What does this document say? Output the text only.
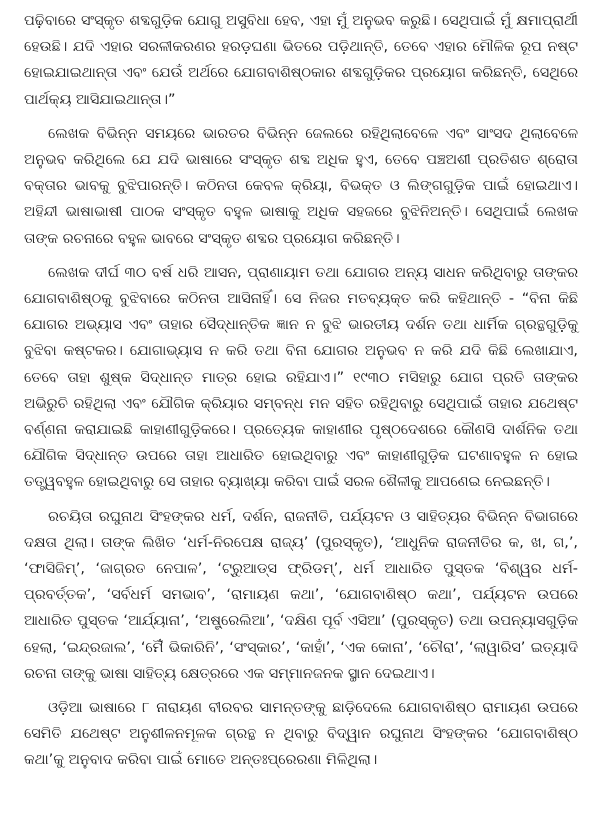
ପଢ଼ିବାରେ ସଂସ୍କୃତ ଶବ୍ଦଗୁଡ଼ିକ ଯୋଗୁ ଅସୁବିଧା ହେବ, ଏହା ମୁଁ ଅନୁଭବ କରୁଛି। ସେଥିପାଇଁ ମୁଁ କ୍ଷମାପ୍ରାର୍ଥୀ ହେଉଛି। ଯଦି ଏହାର ସରଳୀକରଣର ହରଡ଼ଘଣା ଭିତରେ ପଡ଼ିଥାନ୍ତି, ତେବେ ଏହାର ମୌଳିକ ରୂପ ନଷ୍ଟ ହୋଇଯାଇଥାନ୍ତା ଏବଂ ଯେଉଁ ଅର୍ଥରେ ଯୋଗବାଶିଷ୍ଠକାର ଶବ୍ଦଗୁଡ଼ିକର ପ୍ରୟୋଗ କରିଛନ୍ତି, ସେଥିରେ ପାର୍ଥକ୍ୟ ଆସିଯାଇଥାନ୍ତା।”

ଲେଖକ ବିଭିନ୍ନ ସମୟରେ ଭାରତର ବିଭିନ୍ନ ଜେଲରେ ରହିଥିଲାବେଳେ ଏବଂ ସାଂସଦ ଥିଲାବେଳେ ଅନୁଭବ କରିଥିଲେ ଯେ ଯଦି ଭାଷାରେ ସଂସ୍କୃତ ଶବ୍ଦ ଅଧିକ ହୁଏ, ତେବେ ପଞ୍ଚଅଶୀ ପ୍ରତିଶତ ଶ୍ରୋତା ବକ୍ତାର ଭାବକୁ ବୁଝିପାରନ୍ତି। କଠିନତା କେବଳ କ୍ରିୟା, ବିଭକ୍ତ ଓ ଲିଙ୍ଗଗୁଡ଼ିକ ପାଇଁ ହୋଇଥାଏ। ଅହିନ୍ଦୀ ଭାଷାଭାଷୀ ପାଠକ ସଂସ୍କୃତ ବହୁଳ ଭାଷାକୁ ଅଧିକ ସହଜରେ ବୁଝିନିଅନ୍ତି। ସେଥିପାଇଁ ଲେଖକ ତାଙ୍କ ରଚନାରେ ବହୁଳ ଭାବରେ ସଂସ୍କୃତ ଶବ୍ଦର ପ୍ରୟୋଗ କରିଛନ୍ତି।

ଲେଖକ ଦୀର୍ଘ ୩୦ ବର୍ଷ ଧରି ଆସନ, ପ୍ରାଣାୟାମ ତଥା ଯୋଗର ଅନ୍ୟ ସାଧନ କରିଥିବାରୁ ତାଙ୍କର ଯୋଗବାଶିଷ୍ଠକୁ ବୁଝିବାରେ କଠିନତା ଆସିନାହିଁ। ସେ ନିଜର ମତବ୍ୟକ୍ତ କରି କହିଥାନ୍ତି - “ବିନା କିଛି ଯୋଗର ଅଭ୍ୟାସ ଏବଂ ତାହାର ସୈଦ୍ଧାନ୍ତିକ ଜ୍ଞାନ ନ ବୁଝି ଭାରତୀୟ ଦର୍ଶନ ତଥା ଧାର୍ମିକ ଗ୍ରନ୍ଥଗୁଡ଼ିକୁ ବୁଝିବା କଷ୍ଟକର। ଯୋଗାଭ୍ୟାସ ନ କରି ତଥା ବିନା ଯୋଗର ଅନୁଭବ ନ କରି ଯଦି କିଛି ଲେଖାଯାଏ, ତେବେ ତାହା ଶୁଷ୍କ ସିଦ୍ଧାନ୍ତ ମାତ୍ର ହୋଇ ରହିଯାଏ।” ୧୯୩୦ ମସିହାରୁ ଯୋଗ ପ୍ରତି ତାଙ୍କର ଅଭିରୁଚି ରହିଥିଲା ଏବଂ ଯୌଗିକ କ୍ରିୟାର ସମ୍ବନ୍ଧ ମନ ସହିତ ରହିଥିବାରୁ ସେଥିପାଇଁ ତାହାର ଯଥେଷ୍ଟ ବର୍ଣ୍ଣନା କରାଯାଇଛି କାହାଣୀଗୁଡ଼ିକରେ। ପ୍ରତ୍ୟେକ କାହାଣୀର ପୃଷ୍ଠଦେଶରେ କୌଣସି ଦାର୍ଶନିକ ତଥା ଯୌଗିକ ସିଦ୍ଧାନ୍ତ ଉପରେ ତାହା ଆଧାରିତ ହୋଇଥିବାରୁ ଏବଂ କାହାଣୀଗୁଡ଼ିକ ଘଟଣାବହୁଳ ନ ହୋଇ ତତ୍ତ୍ୱବହୁଳ ହୋଇଥିବାରୁ ସେ ତାହାର ବ୍ୟାଖ୍ୟା କରିବା ପାଇଁ ସରଳ ଶୈଳୀକୁ ଆପଣେଇ ନେଇଛନ୍ତି।

ରଚୟିତା ରଘୁନାଥ ସିଂହଙ୍କର ଧର୍ମ, ଦର୍ଶନ, ରାଜନୀତି, ପର୍ଯ୍ୟଟନ ଓ ସାହିତ୍ୟର ବିଭିନ୍ନ ବିଭାଗରେ ଦକ୍ଷତା ଥିଲା। ତାଙ୍କ ଲିଖିତ ‘ଧର୍ମ-ନିରପେକ୍ଷ ରାଜ୍ୟ’ (ପୁରସ୍କୃତ), ‘ଆଧୁନିକ ରାଜନୀତିର କ, ଖ, ଗ,’, ‘ଫାସିଜିମ୍’, ‘ଜାଗ୍ରତ ନେପାଳ’, ‘ଟ୍ରୁଆଡ୍ସ ଫ୍ରିଡମ୍’, ଧର୍ମ ଆଧାରିତ ପୁସ୍ତକ ‘ବିଶ୍ୱର ଧର୍ମ-ପ୍ରବର୍ତ୍ତକ’, ‘ସର୍ବଧର୍ମ ସମଭାବ’, ‘ରାମାୟଣ କଥା’, ‘ଯୋଗବାଶିଷ୍ଠ କଥା’, ପର୍ଯ୍ୟଟନ ଉପରେ ଆଧାରିତ ପୁସ୍ତକ ‘ଆର୍ଯ୍ୟାନା’, ‘ଅଷ୍ଟ୍ରେଲିଆ’, ‘ଦକ୍ଷିଣ ପୂର୍ବ ଏସିଆ’ (ପୁରସ୍କୃତ) ତଥା ଉପନ୍ୟାସଗୁଡ଼ିକ ହେଲା, ‘ଇନ୍ଦ୍ରଜାଲ’, ‘ମୈଁ ଭିକାରିନି’, ‘ସଂସ୍କାର’, ‘କାହାଁ’, ‘ଏକ କୋନା’, ‘ଚୌରା’, ‘ଲାୱାରିସ’ ଇତ୍ୟାଦି ରଚନା ତାଙ୍କୁ ଭାଷା ସାହିତ୍ୟ କ୍ଷେତ୍ରରେ ଏକ ସମ୍ମାନଜନକ ସ୍ଥାନ ଦେଇଥାଏ।

ଓଡ଼ିଆ ଭାଷାରେ ୮ ନାରାୟଣ ବୀରବର ସାମନ୍ତଙ୍କୁ ଛାଡ଼ିଦେଲେ ଯୋଗବାଶିଷ୍ଠ ରାମାୟଣ ଉପରେ ସେମିତି ଯଥେଷ୍ଟ ଅନୁଶୀଳନମୂଳକ ଗ୍ରନ୍ଥ ନ ଥିବାରୁ ବିଦ୍ୱାନ ରଘୁନାଥ ସିଂହଙ୍କର ‘ଯୋଗବାଶିଷ୍ଠ କଥା’କୁ ଅନୁବାଦ କରିବା ପାଇଁ ମୋତେ ଅନ୍ତଃପ୍ରେରଣା ମିଳିଥିଲା।
